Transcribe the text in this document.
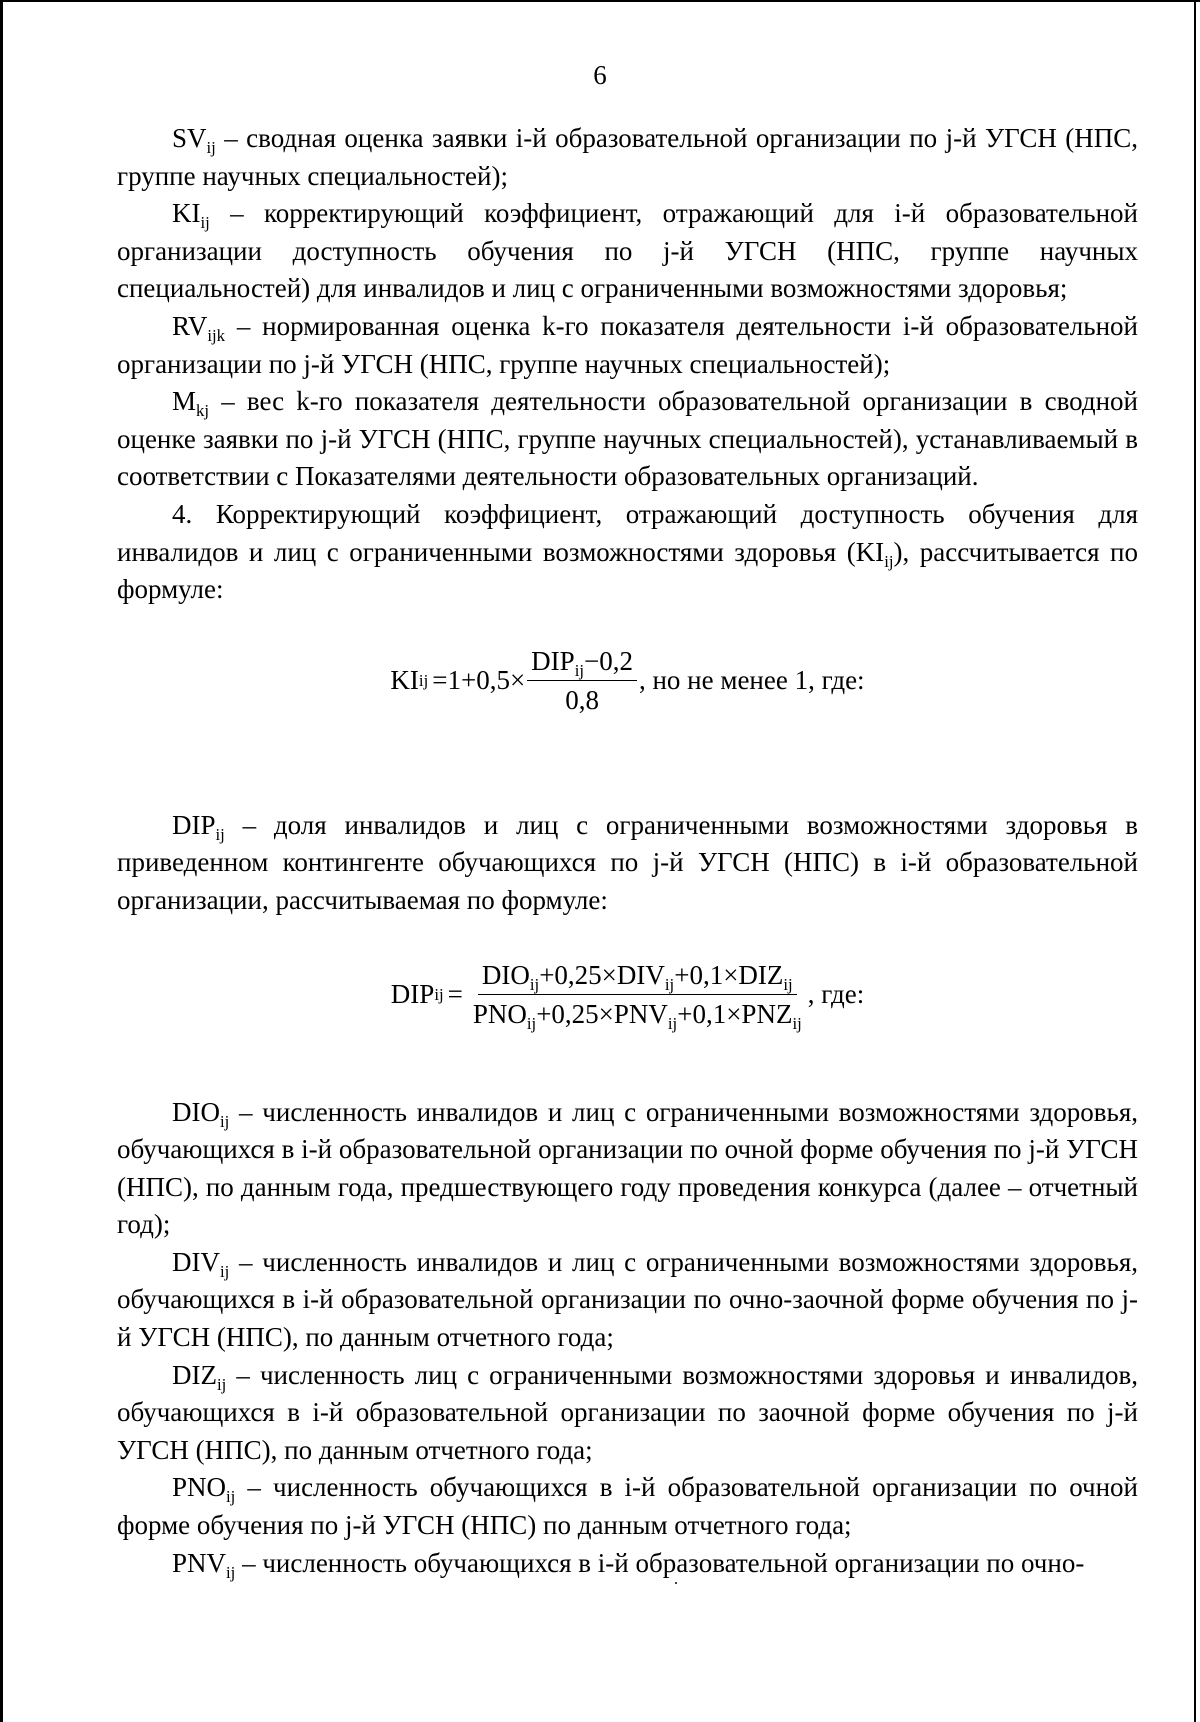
6

$SV_{ij}$ – сводная оценка заявки i-й образовательной организации по j-й УГСН (НПС, группе научных специальностей);

$KI_{ij}$ – корректирующий коэффициент, отражающий для i-й образовательной организации доступность обучения по j-й УГСН (НПС, группе научных специальностей) для инвалидов и лиц с ограниченными возможностями здоровья;

$RV_{ijk}$ – нормированная оценка k-го показателя деятельности i-й образовательной организации по j-й УГСН (НПС, группе научных специальностей);

$M_{kj}$ – вес k-го показателя деятельности образовательной организации в сводной оценке заявки по j-й УГСН (НПС, группе научных специальностей), устанавливаемый в соответствии с Показателями деятельности образовательных организаций.

4. Корректирующий коэффициент, отражающий доступность обучения для инвалидов и лиц с ограниченными возможностями здоровья $(KI_{ij})$, рассчитывается по формуле:

KI ij $=1+0,5\times \frac{DIP_{ij}-0,2}{0,8}$ , но не менее 1, где:

$DIP_{ij}$ – доля инвалидов и лиц с ограниченными возможностями здоровья в приведенном контингенте обучающихся по j-й УГСН (НПС) в i-й образовательной организации, рассчитываемая по формуле:

DIP ij = $\frac{DIO_{ij}+0,25\times DIV_{ij}+0,1\times DIZ_{ij}}{PNO_{ij}+0,25\times PNV_{ij}+0,1\times PNZ_{ij}}$ , где:

$DIO_{ij}$ – численность инвалидов и лиц с ограниченными возможностями здоровья, обучающихся в i-й образовательной организации по очной форме обучения по j-й УГСН (НПС), по данным года, предшествующего году проведения конкурса (далее – отчетный год);

$DIV_{ij}$ – численность инвалидов и лиц с ограниченными возможностями здоровья, обучающихся в i-й образовательной организации по очно-заочной форме обучения по j-й УГСН (НПС), по данным отчетного года;

$DIZ_{ij}$ – численность лиц с ограниченными возможностями здоровья и инвалидов, обучающихся в i-й образовательной организации по заочной форме обучения по j-й УГСН (НПС), по данным отчетного года;

$PNO_{ij}$ – численность обучающихся в i-й образовательной организации по очной форме обучения по j-й УГСН (НПС) по данным отчетного года;

$PNV_{ij}$ – численность обучающихся в i-й образовательной организации по очно-
